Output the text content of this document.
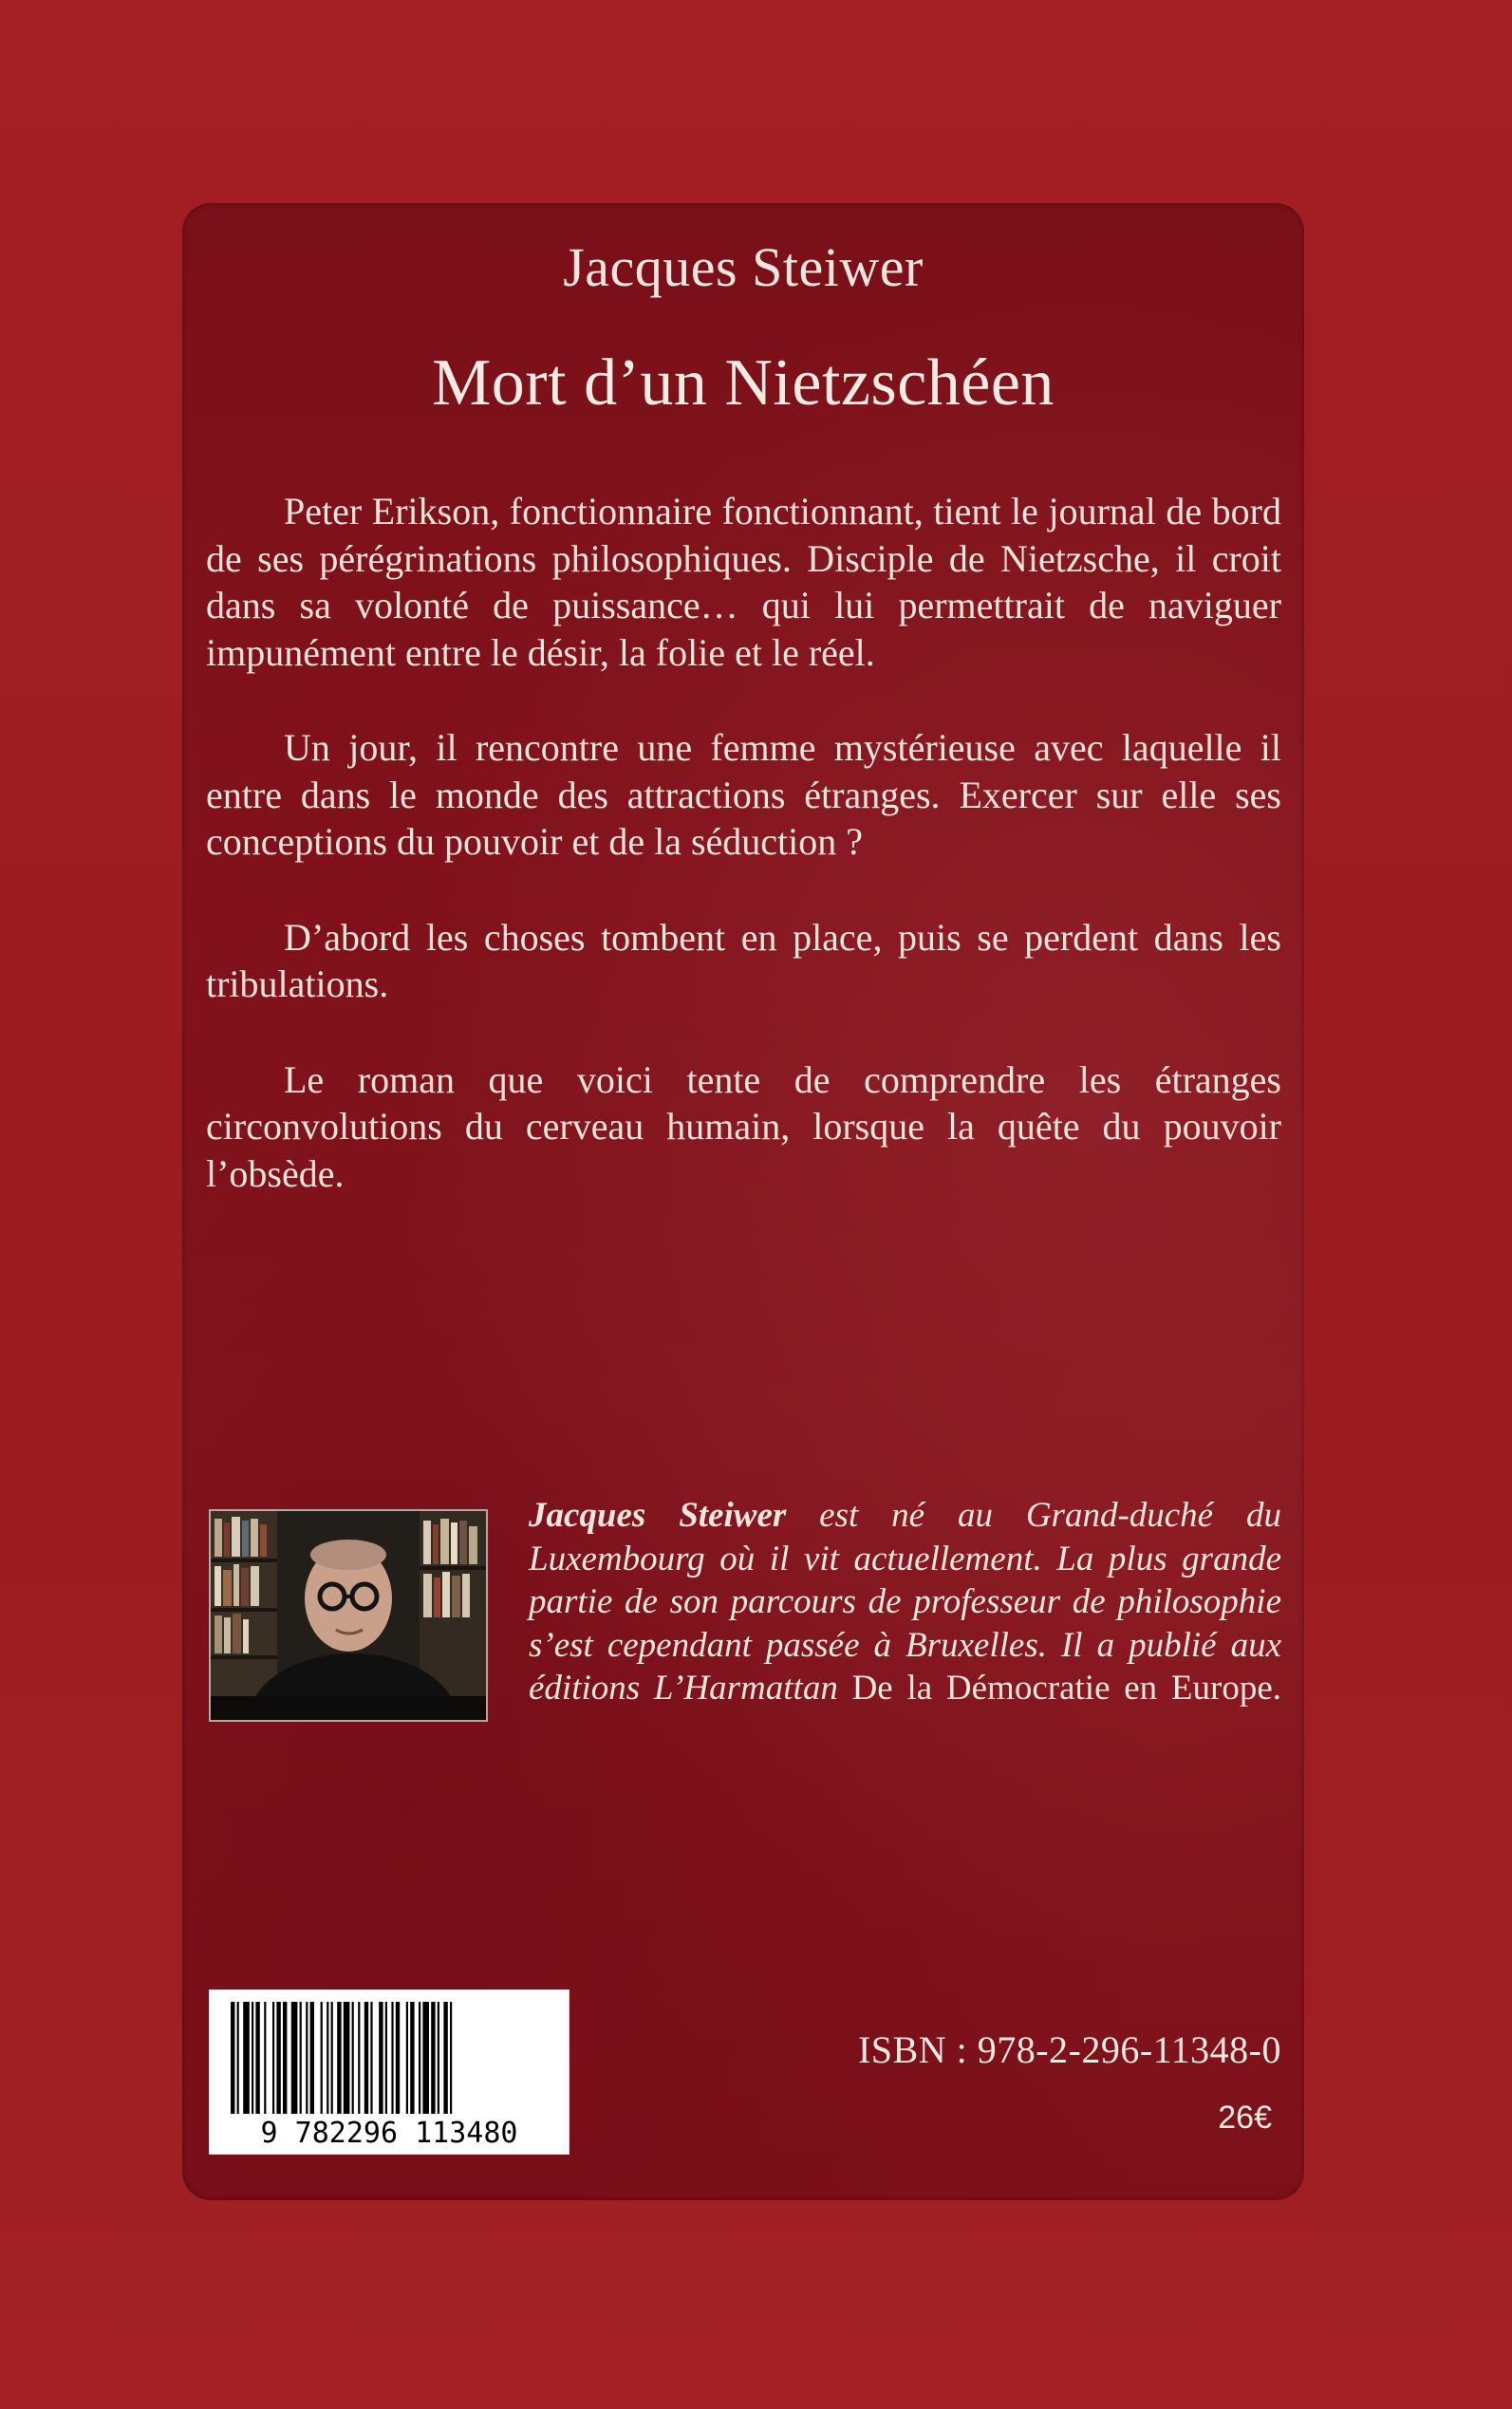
Jacques Steiwer
Mort d’un Nietzschéen

Peter Erikson, fonctionnaire fonctionnant, tient le journal de bord de ses pérégrinations philosophiques. Disciple de Nietzsche, il croit dans sa volonté de puissance… qui lui permettrait de naviguer impunément entre le désir, la folie et le réel.

Un jour, il rencontre une femme mystérieuse avec laquelle il entre dans le monde des attractions étranges. Exercer sur elle ses conceptions du pouvoir et de la séduction ?

D’abord les choses tombent en place, puis se perdent dans les tribulations.

Le roman que voici tente de comprendre les étranges circonvolutions du cerveau humain, lorsque la quête du pouvoir l’obsède.

Jacques Steiwer est né au Grand-duché du Luxembourg où il vit actuellement. La plus grande partie de son parcours de professeur de philosophie s’est cependant passée à Bruxelles. Il a publié aux éditions L’Harmattan De la Démocratie en Europe.
9 782296 113480
ISBN : 978-2-296-11348-0
26€
